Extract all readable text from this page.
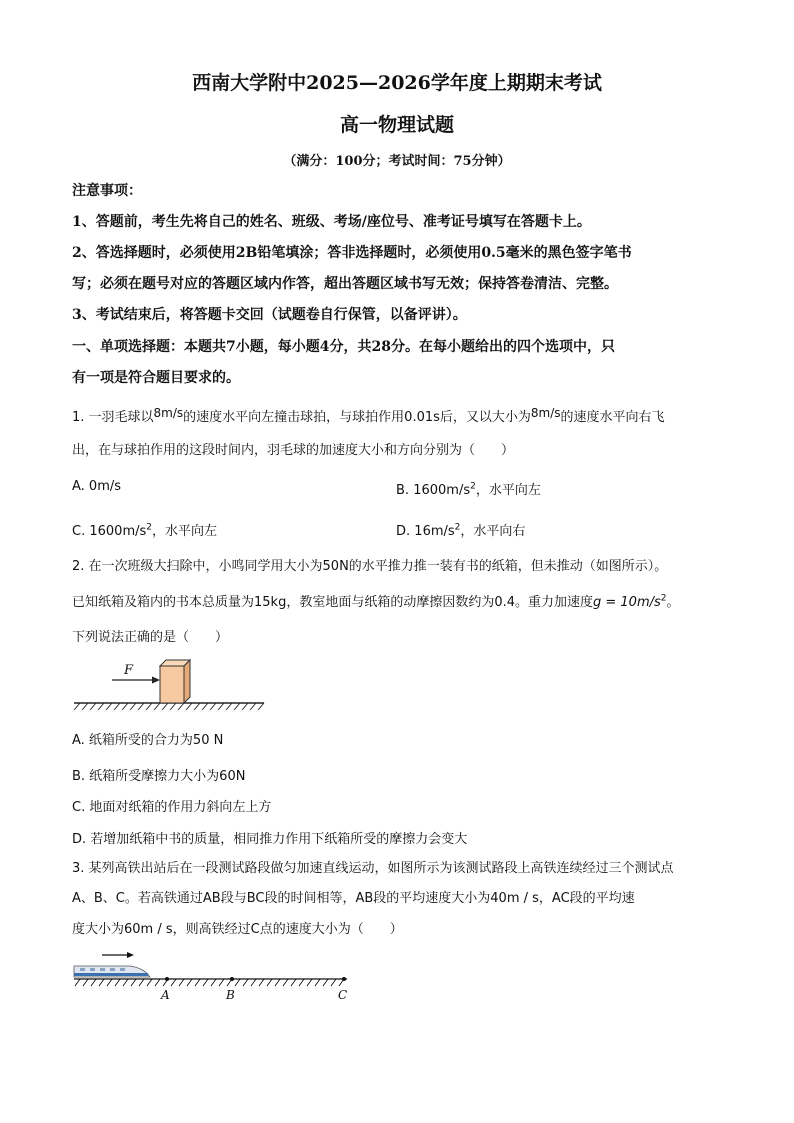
西南大学附中2025—2026学年度上期期末考试
高一物理试题
（满分：100分；考试时间：75分钟）
注意事项：
1、答题前，考生先将自己的姓名、班级、考场/座位号、准考证号填写在答题卡上。
2、答选择题时，必须使用2B铅笔填涂；答非选择题时，必须使用0.5毫米的黑色签字笔书
写；必须在题号对应的答题区域内作答，超出答题区域书写无效；保持答卷清洁、完整。
3、考试结束后，将答题卡交回（试题卷自行保管，以备评讲）。
一、单项选择题：本题共7小题，每小题4分，共28分。在每小题给出的四个选项中，只
有一项是符合题目要求的。
1. 一羽毛球以8m/s的速度水平向左撞击球拍，与球拍作用0.01s后，又以大小为8m/s的速度水平向右飞
出，在与球拍作用的这段时间内，羽毛球的加速度大小和方向分别为（　　）
A. 0m/s	B. $1600m/s^2$，水平向左
C. $1600m/s^2$，水平向左	D. $16m/s^2$，水平向右
2. 在一次班级大扫除中，小鸣同学用大小为50N的水平推力推一装有书的纸箱，但未推动（如图所示）。
已知纸箱及箱内的书本总质量为15kg，教室地面与纸箱的动摩擦因数约为0.4。重力加速度$g = 10m/s^2$。
下列说法正确的是（　　）
F
A. 纸箱所受的合力为50 N
B. 纸箱所受摩擦力大小为60N
C. 地面对纸箱的作用力斜向左上方
D. 若增加纸箱中书的质量，相同推力作用下纸箱所受的摩擦力会变大
3. 某列高铁出站后在一段测试路段做匀加速直线运动，如图所示为该测试路段上高铁连续经过三个测试点
A、B、C。若高铁通过AB段与BC段的时间相等，AB段的平均速度大小为40m / s，AC段的平均速
度大小为60m / s，则高铁经过C点的速度大小为（　　）
A	B	C
